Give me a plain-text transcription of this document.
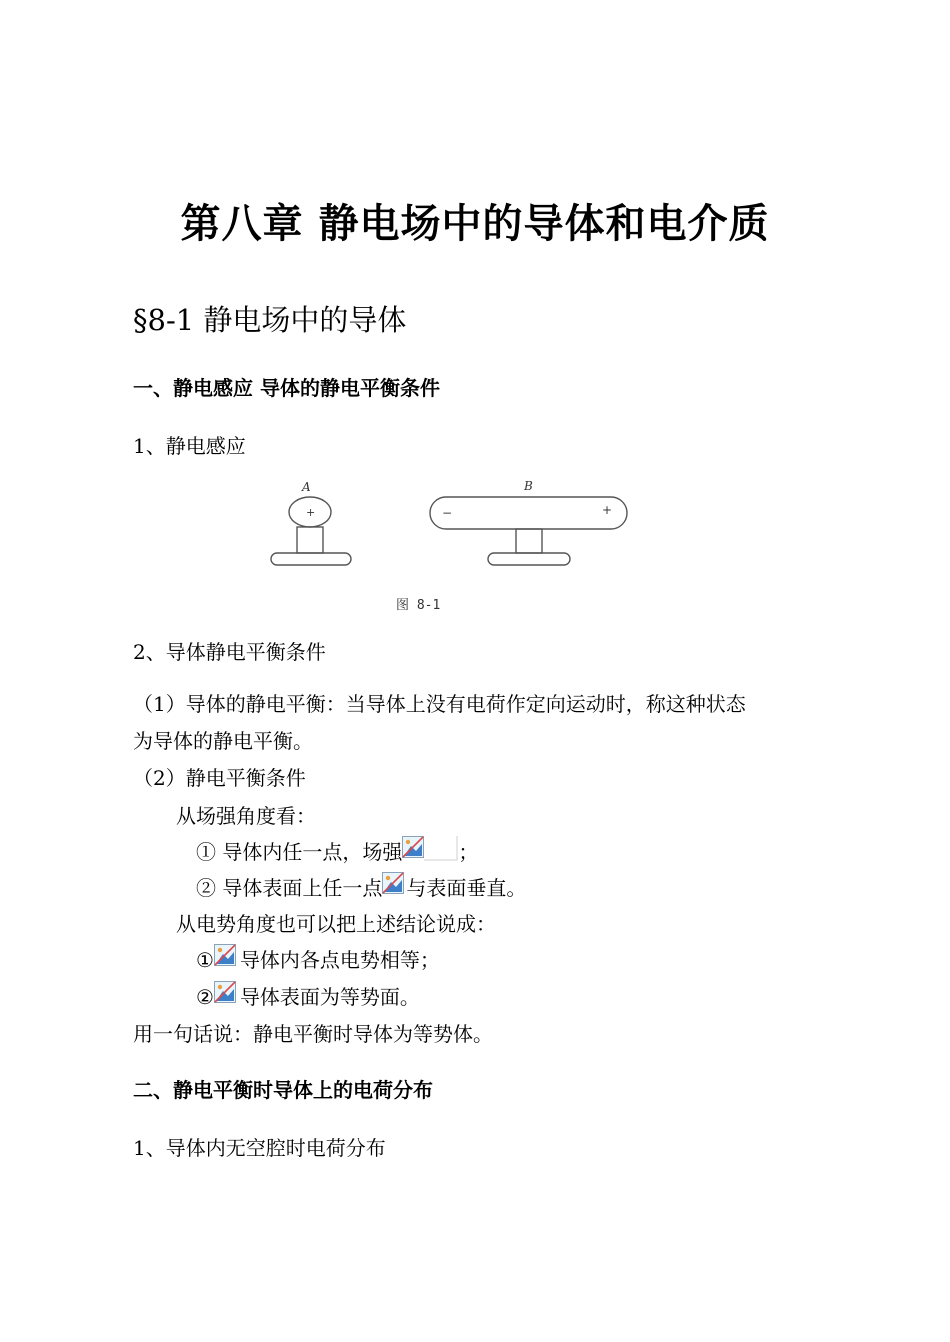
第八章 静电场中的导体和电介质
§8-1 静电场中的导体
一、静电感应 导体的静电平衡条件
1、静电感应
A	B
+	−	+
图 8-1
2、导体静电平衡条件
（1）导体的静电平衡：当导体上没有电荷作定向运动时，称这种状态
为导体的静电平衡。
（2）静电平衡条件
从场强角度看：
① 导体内任一点，场强	；
② 导体表面上任一点 与表面垂直。
从电势角度也可以把上述结论说成：
① 导体内各点电势相等；
② 导体表面为等势面。
用一句话说：静电平衡时导体为等势体。
二、静电平衡时导体上的电荷分布
1、导体内无空腔时电荷分布
